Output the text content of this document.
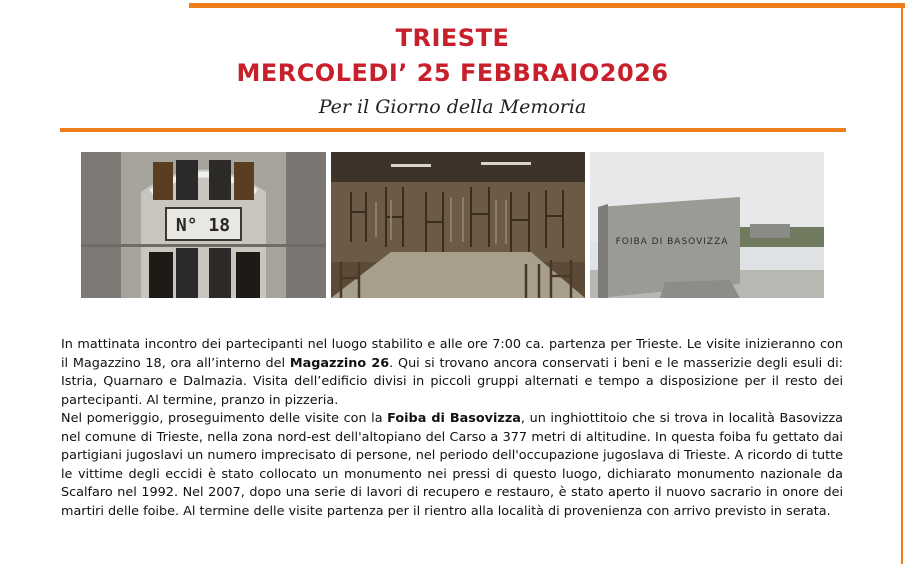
TRIESTE
MERCOLEDI’ 25 FEBBRAIO2026
Per il Giorno della Memoria
N° 18
FOIBA DI BASOVIZZA

In mattinata incontro dei partecipanti nel luogo stabilito e alle ore 7:00 ca. partenza per Trieste. Le visite inizieranno con il Magazzino 18, ora all’interno del Magazzino 26. Qui si trovano ancora conservati i beni e le masserizie degli esuli di: Istria, Quarnaro e Dalmazia. Visita dell’edificio divisi in piccoli gruppi alternati e tempo a disposizione per il resto dei partecipanti. Al termine, pranzo in pizzeria.

Nel pomeriggio, proseguimento delle visite con la Foiba di Basovizza, un inghiottitoio che si trova in località Basovizza nel comune di Trieste, nella zona nord-est dell'altopiano del Carso a 377 metri di altitudine. In questa foiba fu gettato dai partigiani jugoslavi un numero imprecisato di persone, nel periodo dell'occupazione jugoslava di Trieste. A ricordo di tutte le vittime degli eccidi è stato collocato un monumento nei pressi di questo luogo, dichiarato monumento nazionale da Scalfaro nel 1992. Nel 2007, dopo una serie di lavori di recupero e restauro, è stato aperto il nuovo sacrario in onore dei martiri delle foibe. Al termine delle visite partenza per il rientro alla località di provenienza con arrivo previsto in serata.
